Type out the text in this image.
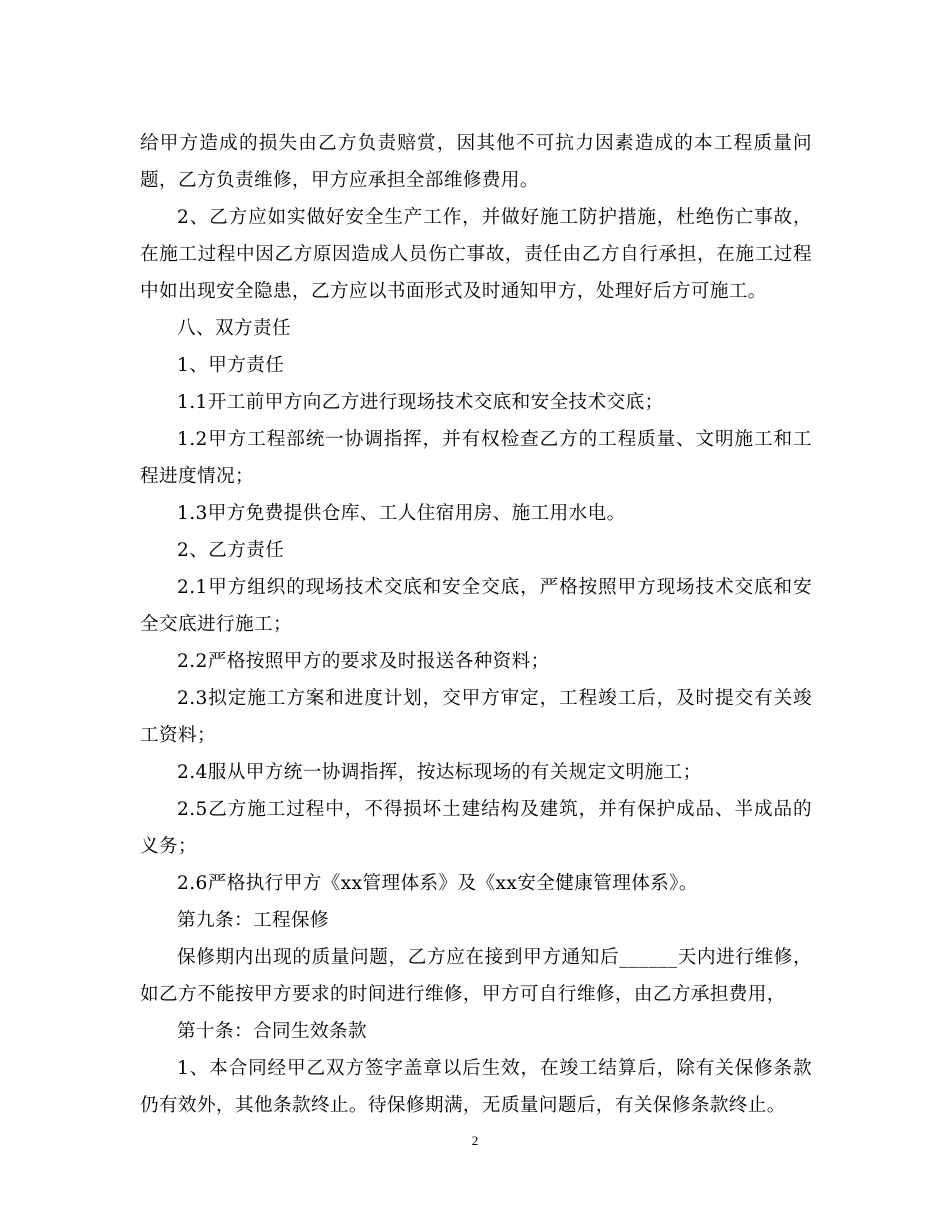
给甲方造成的损失由乙方负责赔赏，因其他不可抗力因素造成的本工程质量问题，乙方负责维修，甲方应承担全部维修费用。

2、乙方应如实做好安全生产工作，并做好施工防护措施，杜绝伤亡事故，在施工过程中因乙方原因造成人员伤亡事故，责任由乙方自行承担，在施工过程中如出现安全隐患，乙方应以书面形式及时通知甲方，处理好后方可施工。

八、双方责任

1、甲方责任

1.1开工前甲方向乙方进行现场技术交底和安全技术交底；

1.2甲方工程部统一协调指挥，并有权检查乙方的工程质量、文明施工和工程进度情况；

1.3甲方免费提供仓库、工人住宿用房、施工用水电。

2、乙方责任

2.1甲方组织的现场技术交底和安全交底，严格按照甲方现场技术交底和安全交底进行施工；

2.2严格按照甲方的要求及时报送各种资料；

2.3拟定施工方案和进度计划，交甲方审定，工程竣工后，及时提交有关竣工资料；

2.4服从甲方统一协调指挥，按达标现场的有关规定文明施工；

2.5乙方施工过程中，不得损坏土建结构及建筑，并有保护成品、半成品的义务；

2.6严格执行甲方《xx管理体系》及《xx安全健康管理体系》。

第九条：工程保修

保修期内出现的质量问题，乙方应在接到甲方通知后______天内进行维修，如乙方不能按甲方要求的时间进行维修，甲方可自行维修，由乙方承担费用，

第十条：合同生效条款

1、本合同经甲乙双方签字盖章以后生效，在竣工结算后，除有关保修条款仍有效外，其他条款终止。待保修期满，无质量问题后，有关保修条款终止。

2
